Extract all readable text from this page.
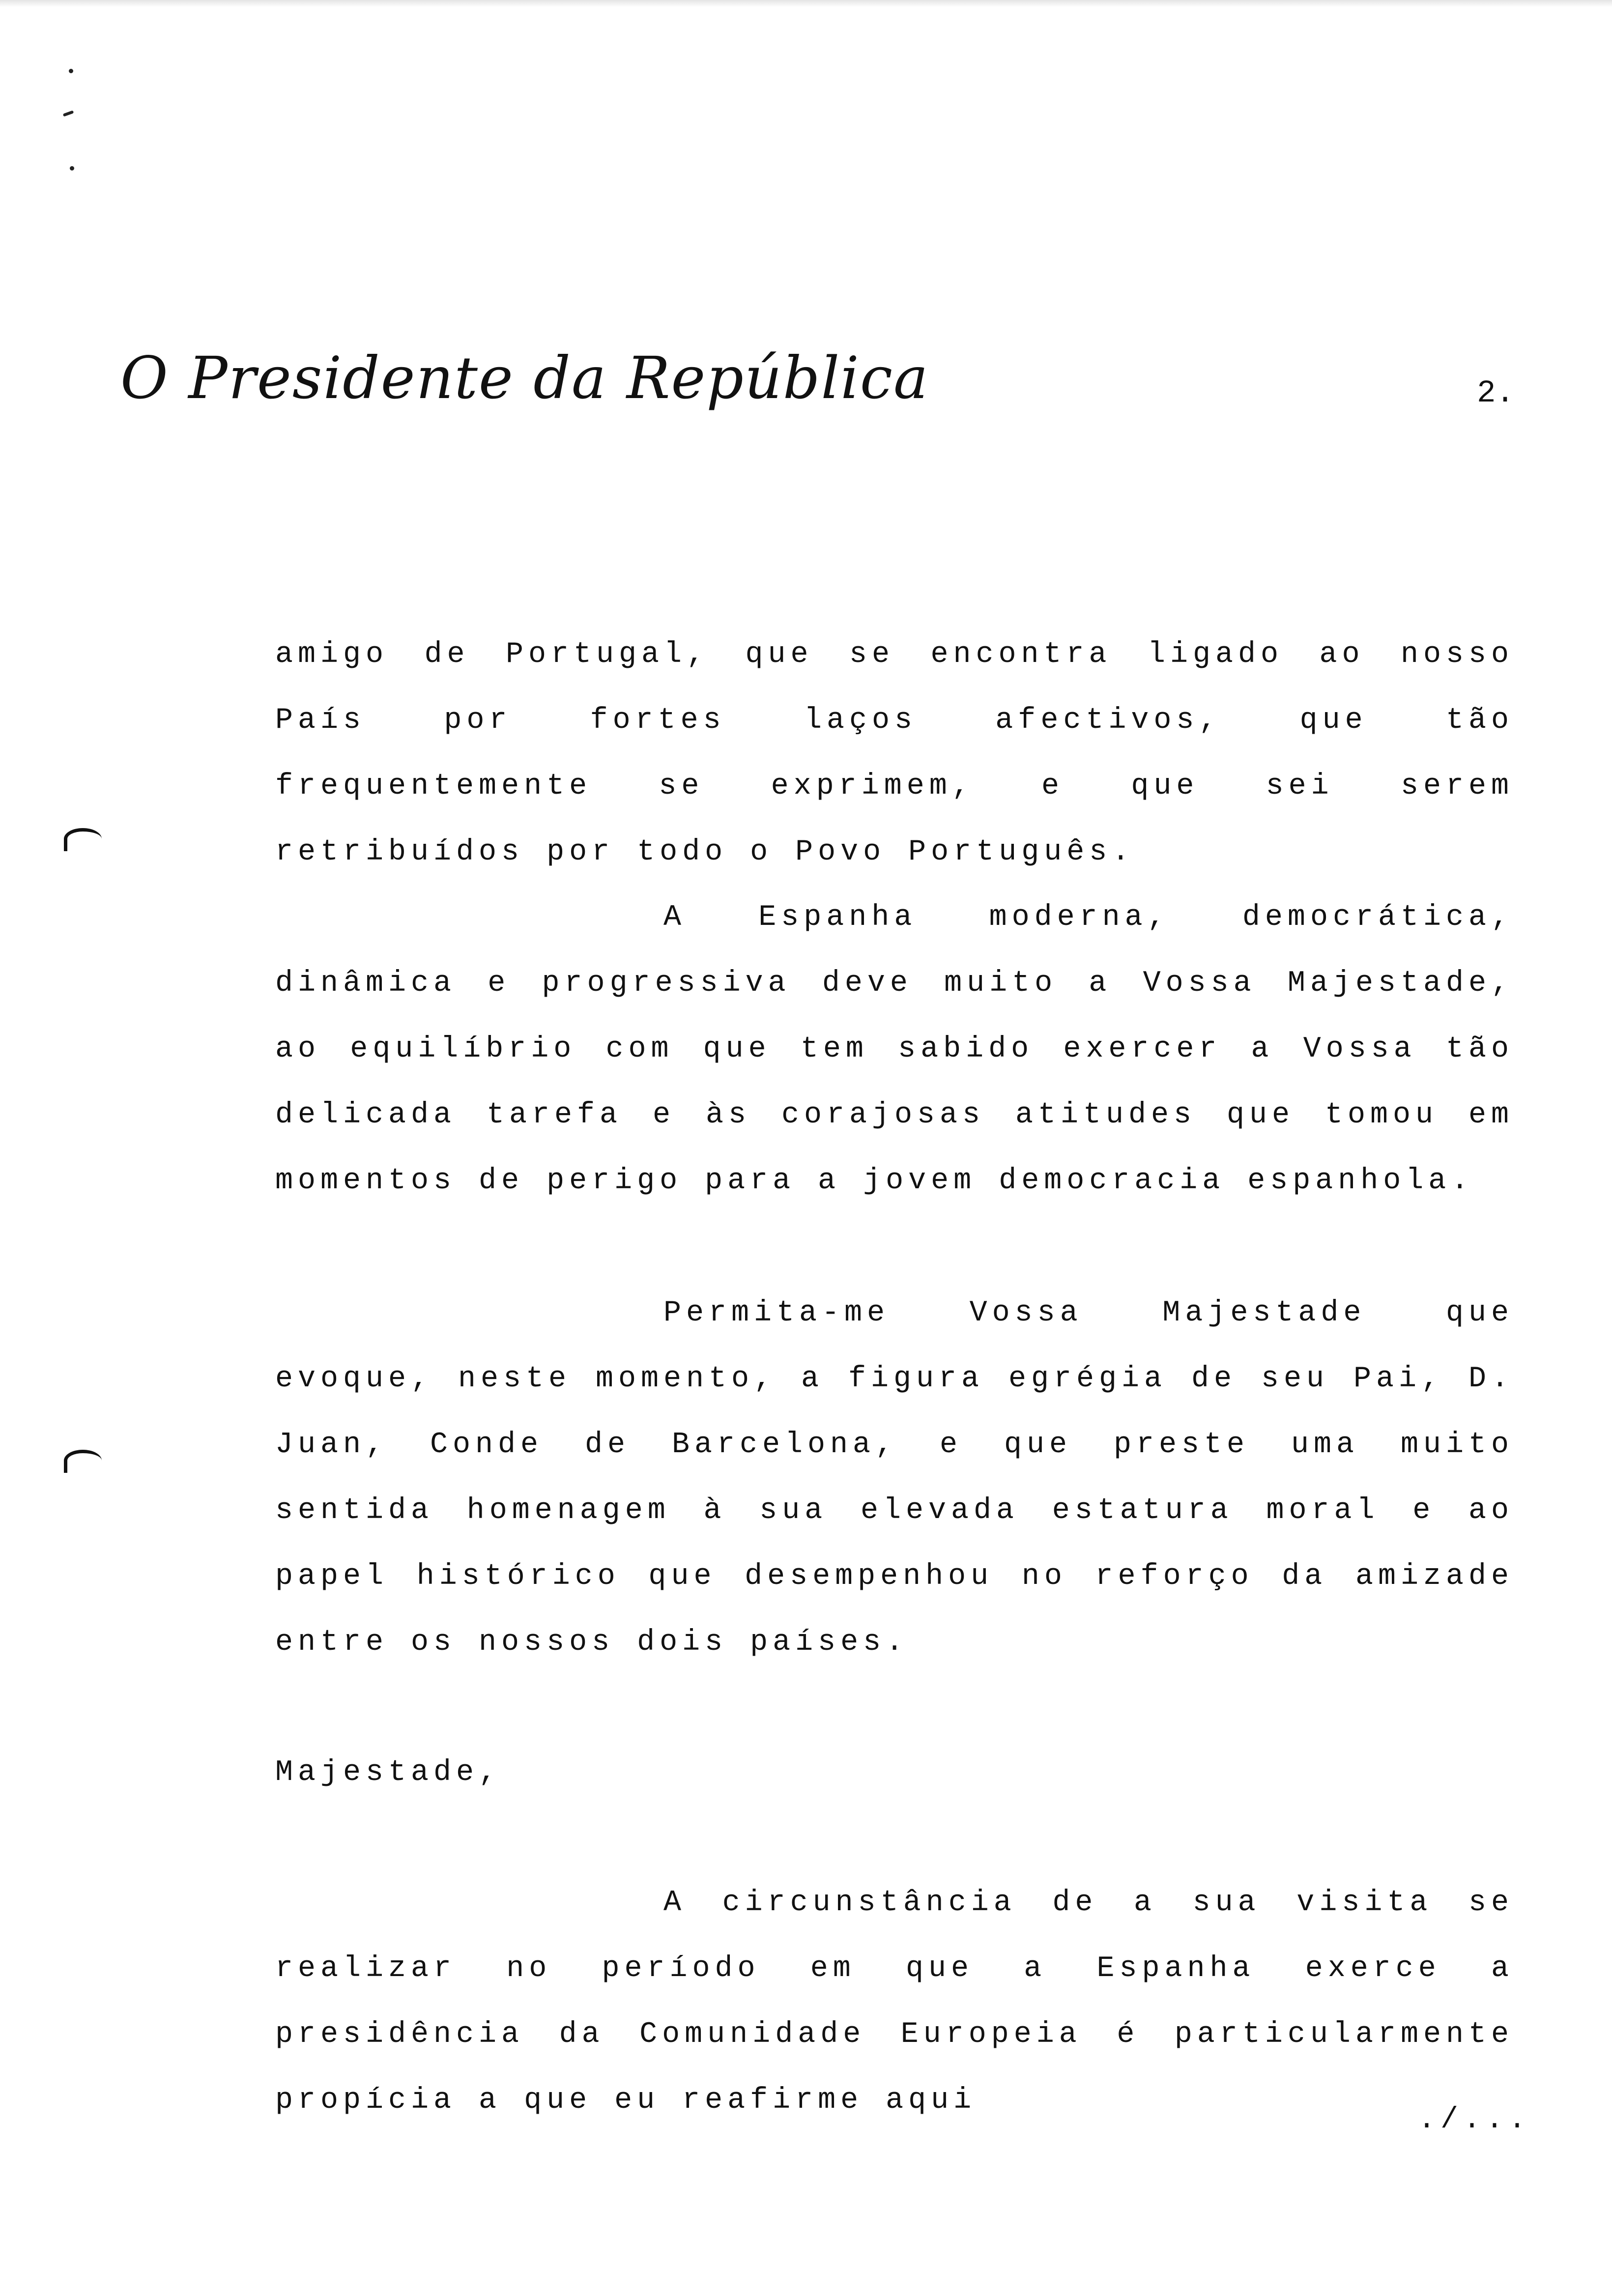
O Presidente da República	2.

amigo de Portugal, que se encontra ligado ao nosso País por fortes laços afectivos, que tão frequentemente se exprimem, e que sei serem retribuídos por todo o Povo Português.

A Espanha moderna, democrática, dinâmica e progressiva deve muito a Vossa Majestade, ao equilíbrio com que tem sabido exercer a Vossa tão delicada tarefa e às corajosas atitudes que tomou em momentos de perigo para a jovem democracia espanhola.

Permita-me Vossa Majestade que evoque, neste momento, a figura egrégia de seu Pai, D. Juan, Conde de Barcelona, e que preste uma muito sentida homenagem à sua elevada estatura moral e ao papel histórico que desempenhou no reforço da amizade entre os nossos dois países.

Majestade,

A circunstância de a sua visita se realizar no período em que a Espanha exerce a presidência da Comunidade Europeia é particularmente propícia a que eu reafirme aqui

./...
